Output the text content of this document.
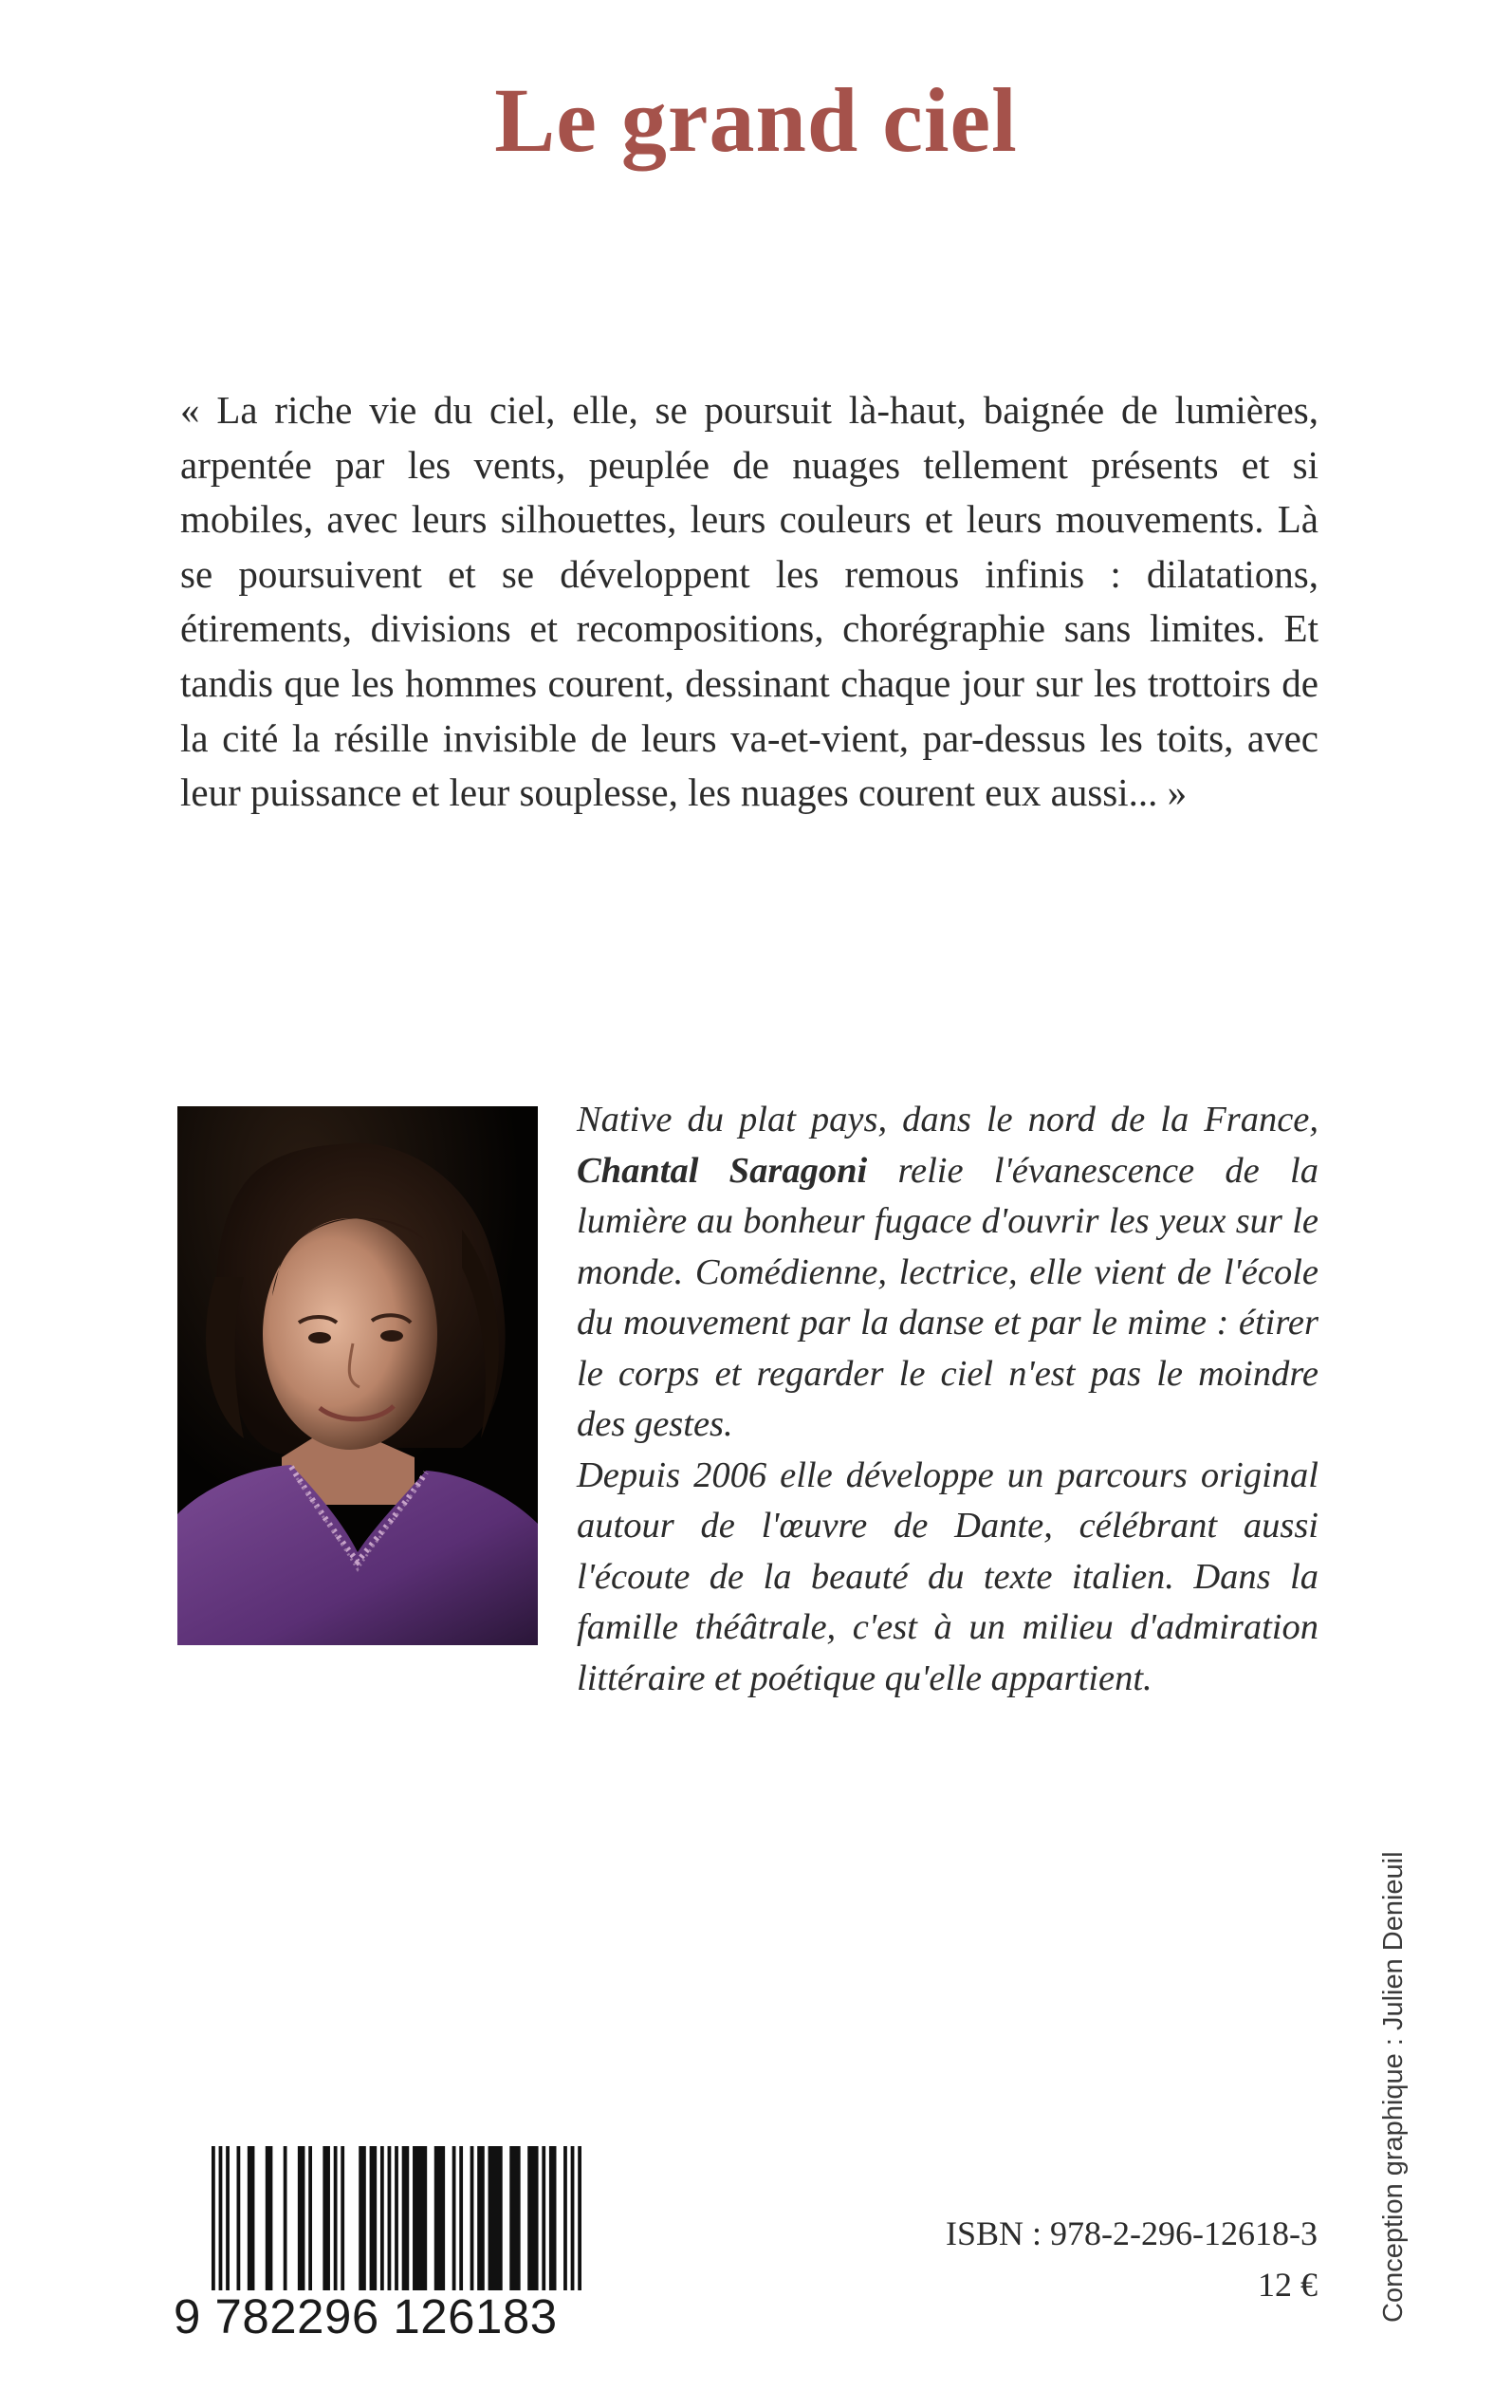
Le grand ciel

« La riche vie du ciel, elle, se poursuit là-haut, baignée de lumières, arpentée par les vents, peuplée de nuages tellement présents et si mobiles, avec leurs silhouettes, leurs couleurs et leurs mouvements. Là se poursuivent et se développent les remous infinis : dilatations, étirements, divisions et recompositions, chorégraphie sans limites. Et tandis que les hommes courent, dessinant chaque jour sur les trottoirs de la cité la résille invisible de leurs va-et-vient, par-dessus les toits, avec leur puissance et leur souplesse, les nuages courent eux aussi... »

Native du plat pays, dans le nord de la France, Chantal Saragoni relie l'évanescence de la lumière au bonheur fugace d'ouvrir les yeux sur le monde. Comédienne, lectrice, elle vient de l'école du mouvement par la danse et par le mime : étirer le corps et regarder le ciel n'est pas le moindre des gestes.
Depuis 2006 elle développe un parcours original autour de l'œuvre de Dante, célébrant aussi l'écoute de la beauté du texte italien. Dans la famille théâtrale, c'est à un milieu d'admiration littéraire et poétique qu'elle appartient.

Conception graphique : Julien Denieuil
9 782296 126183
ISBN : 978-2-296-12618-3
12 €
